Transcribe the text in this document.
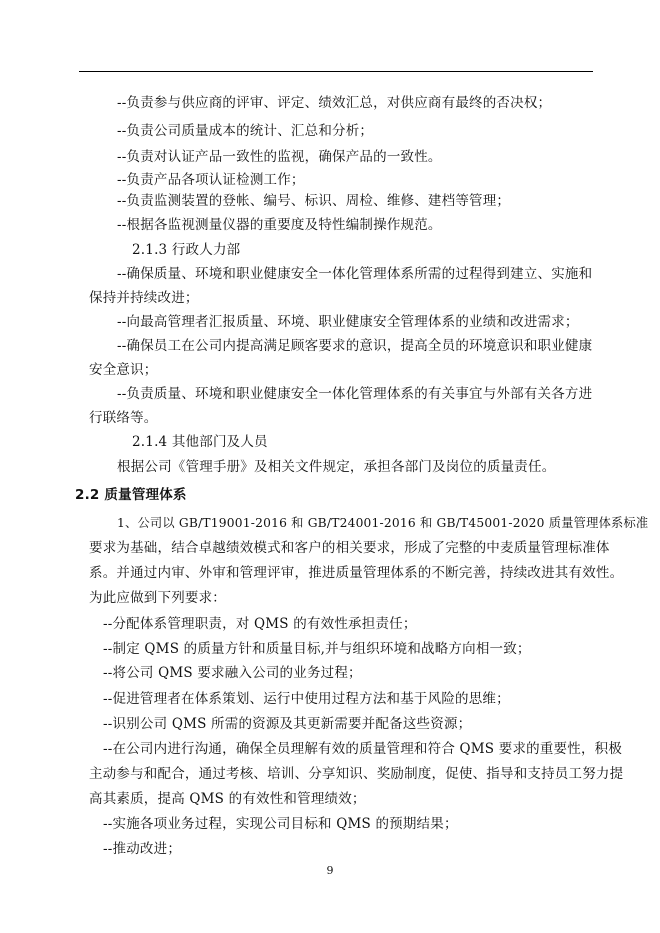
--负责参与供应商的评审、评定、绩效汇总，对供应商有最终的否决权；
--负责公司质量成本的统计、汇总和分析；
--负责对认证产品一致性的监视，确保产品的一致性。
--负责产品各项认证检测工作；
--负责监测装置的登帐、编号、标识、周检、维修、建档等管理；
--根据各监视测量仪器的重要度及特性编制操作规范。
2.1.3 行政人力部
--确保质量、环境和职业健康安全一体化管理体系所需的过程得到建立、实施和
保持并持续改进；
--向最高管理者汇报质量、环境、职业健康安全管理体系的业绩和改进需求；
--确保员工在公司内提高满足顾客要求的意识，提高全员的环境意识和职业健康
安全意识；
--负责质量、环境和职业健康安全一体化管理体系的有关事宜与外部有关各方进
行联络等。
2.1.4 其他部门及人员
根据公司《管理手册》及相关文件规定，承担各部门及岗位的质量责任。
2.2 质量管理体系
1、公司以 GB/T19001-2016 和 GB/T24001-2016 和 GB/T45001-2020 质量管理体系标准
要求为基础，结合卓越绩效模式和客户的相关要求，形成了完整的中麦质量管理标准体
系。并通过内审、外审和管理评审，推进质量管理体系的不断完善，持续改进其有效性。
为此应做到下列要求：
--分配体系管理职责，对 QMS 的有效性承担责任；
--制定 QMS 的质量方针和质量目标,并与组织环境和战略方向相一致；
--将公司 QMS 要求融入公司的业务过程；
--促进管理者在体系策划、运行中使用过程方法和基于风险的思维；
--识别公司 QMS 所需的资源及其更新需要并配备这些资源；
--在公司内进行沟通，确保全员理解有效的质量管理和符合 QMS 要求的重要性，积极
主动参与和配合，通过考核、培训、分享知识、奖励制度，促使、指导和支持员工努力提
高其素质，提高 QMS 的有效性和管理绩效；
--实施各项业务过程，实现公司目标和 QMS 的预期结果；
--推动改进；
9
